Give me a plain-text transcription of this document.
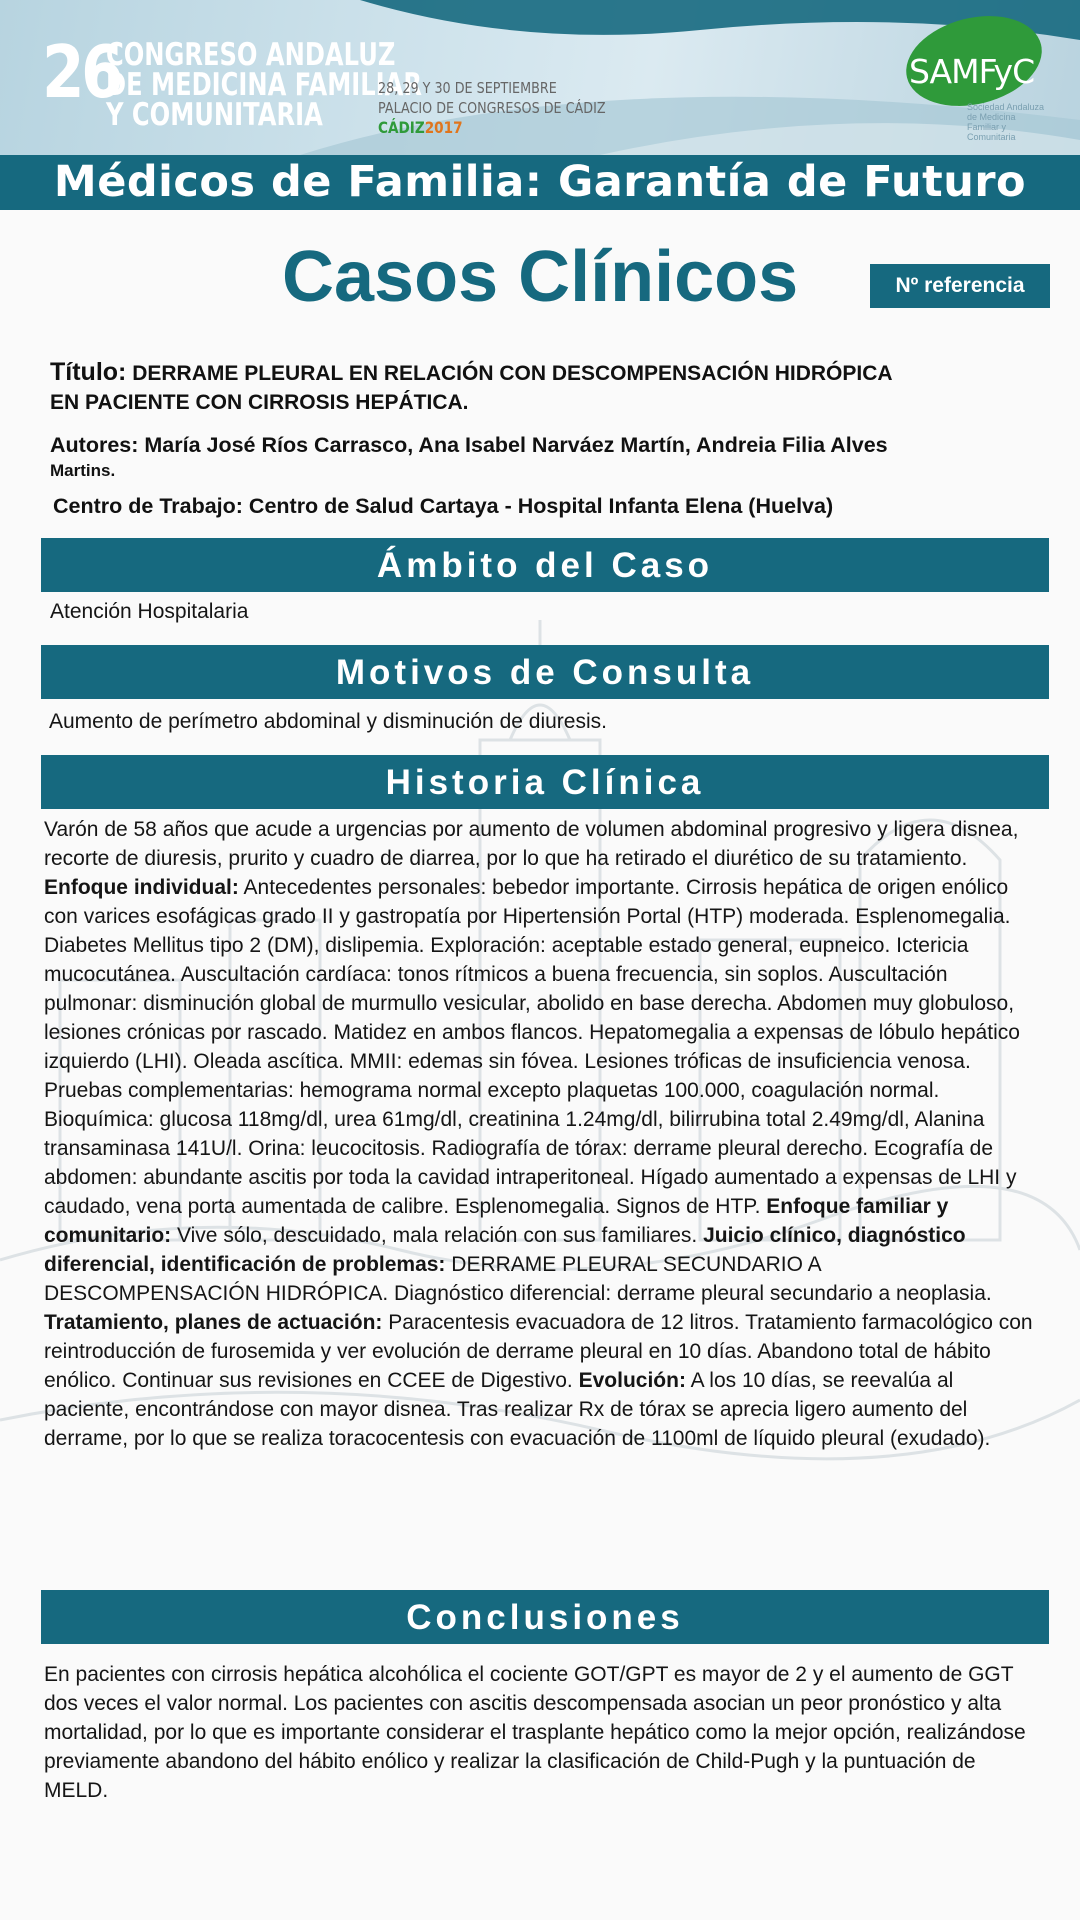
26
CONGRESO ANDALUZ
DE MEDICINA FAMILIAR
Y COMUNITARIA
28, 29 Y 30 DE SEPTIEMBRE
PALACIO DE CONGRESOS DE CÁDIZ
CÁDIZ2017
SAMFyC
Sociedad Andaluza de Medicina Familiar y Comunitaria
Médicos de Familia: Garantía de Futuro
Casos Clínicos	Nº referencia
Título: DERRAME PLEURAL EN RELACIÓN CON DESCOMPENSACIÓN HIDRÓPICA
EN PACIENTE CON CIRROSIS HEPÁTICA.
Autores: María José Ríos Carrasco, Ana Isabel Narváez Martín, Andreia Filia Alves
Martins.
Centro de Trabajo: Centro de Salud Cartaya - Hospital Infanta Elena (Huelva)
Ámbito del Caso
Atención Hospitalaria
Motivos de Consulta
Aumento de perímetro abdominal y disminución de diuresis.
Historia Clínica
Varón de 58 años que acude a urgencias por aumento de volumen abdominal progresivo y ligera disnea, recorte de diuresis, prurito y cuadro de diarrea, por lo que ha retirado el diurético de su tratamiento. Enfoque individual: Antecedentes personales: bebedor importante. Cirrosis hepática de origen enólico con varices esofágicas grado II y gastropatía por Hipertensión Portal (HTP) moderada. Esplenomegalia. Diabetes Mellitus tipo 2 (DM), dislipemia. Exploración: aceptable estado general, eupneico. Ictericia mucocutánea. Auscultación cardíaca: tonos rítmicos a buena frecuencia, sin soplos. Auscultación pulmonar: disminución global de murmullo vesicular, abolido en base derecha. Abdomen muy globuloso, lesiones crónicas por rascado. Matidez en ambos flancos. Hepatomegalia a expensas de lóbulo hepático izquierdo (LHI). Oleada ascítica. MMII: edemas sin fóvea. Lesiones tróficas de insuficiencia venosa. Pruebas complementarias: hemograma normal excepto plaquetas 100.000, coagulación normal. Bioquímica: glucosa 118mg/dl, urea 61mg/dl, creatinina 1.24mg/dl, bilirrubina total 2.49mg/dl, Alanina transaminasa 141U/l. Orina: leucocitosis. Radiografía de tórax: derrame pleural derecho. Ecografía de abdomen: abundante ascitis por toda la cavidad intraperitoneal. Hígado aumentado a expensas de LHI y caudado, vena porta aumentada de calibre. Esplenomegalia. Signos de HTP. Enfoque familiar y comunitario: Vive sólo, descuidado, mala relación con sus familiares. Juicio clínico, diagnóstico diferencial, identificación de problemas: DERRAME PLEURAL SECUNDARIO A DESCOMPENSACIÓN HIDRÓPICA. Diagnóstico diferencial: derrame pleural secundario a neoplasia. Tratamiento, planes de actuación: Paracentesis evacuadora de 12 litros. Tratamiento farmacológico con reintroducción de furosemida y ver evolución de derrame pleural en 10 días. Abandono total de hábito enólico. Continuar sus revisiones en CCEE de Digestivo. Evolución: A los 10 días, se reevalúa al paciente, encontrándose con mayor disnea. Tras realizar Rx de tórax se aprecia ligero aumento del derrame, por lo que se realiza toracocentesis con evacuación de 1100ml de líquido pleural (exudado).
Conclusiones
En pacientes con cirrosis hepática alcohólica el cociente GOT/GPT es mayor de 2 y el aumento de GGT dos veces el valor normal. Los pacientes con ascitis descompensada asocian un peor pronóstico y alta mortalidad, por lo que es importante considerar el trasplante hepático como la mejor opción, realizándose previamente abandono del hábito enólico y realizar la clasificación de Child-Pugh y la puntuación de MELD.
